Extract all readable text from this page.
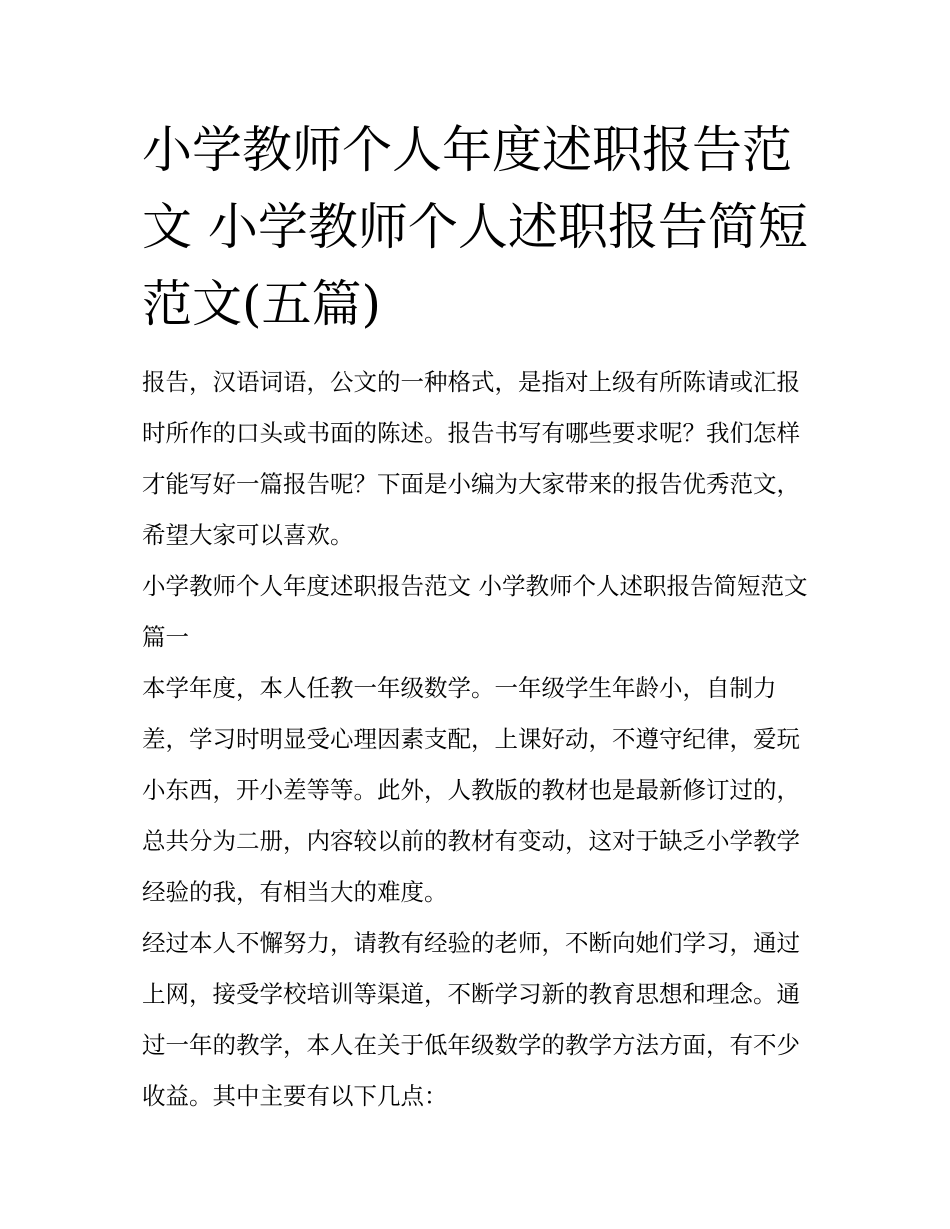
小学教师个人年度述职报告范文 小学教师个人述职报告简短范文(五篇)

报告，汉语词语，公文的一种格式，是指对上级有所陈请或汇报时所作的口头或书面的陈述。报告书写有哪些要求呢？我们怎样才能写好一篇报告呢？下面是小编为大家带来的报告优秀范文，希望大家可以喜欢。

小学教师个人年度述职报告范文 小学教师个人述职报告简短范文篇一

本学年度，本人任教一年级数学。一年级学生年龄小，自制力差，学习时明显受心理因素支配，上课好动，不遵守纪律，爱玩小东西，开小差等等。此外，人教版的教材也是最新修订过的，总共分为二册，内容较以前的教材有变动，这对于缺乏小学教学经验的我，有相当大的难度。

经过本人不懈努力，请教有经验的老师，不断向她们学习，通过上网，接受学校培训等渠道，不断学习新的教育思想和理念。通过一年的教学，本人在关于低年级数学的教学方法方面，有不少收益。其中主要有以下几点：
